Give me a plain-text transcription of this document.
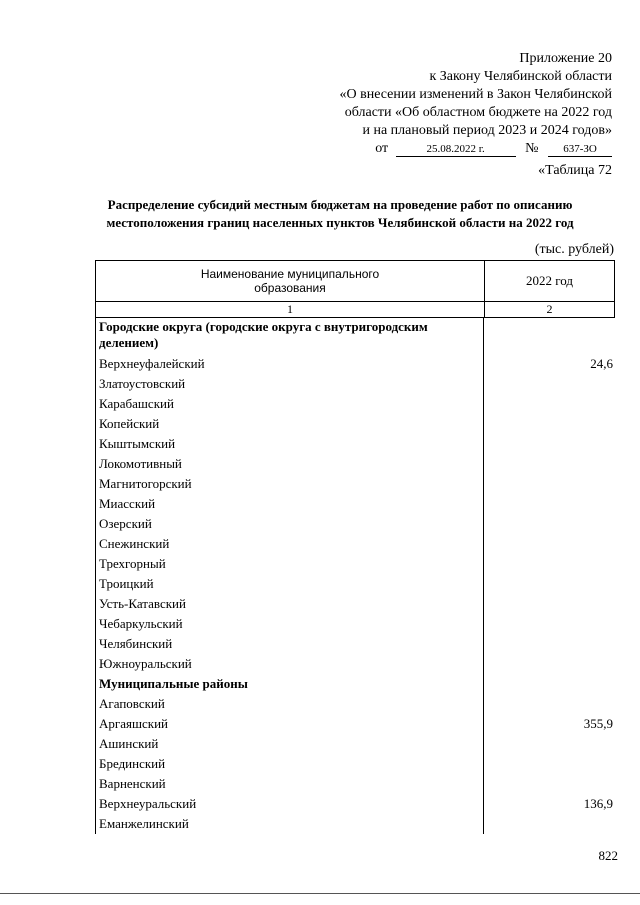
Приложение 20
к Закону Челябинской области
«О внесении изменений в Закон Челябинской
области «Об областном бюджете на 2022 год
и на плановый период 2023 и 2024 годов»
от	25.08.2022 г.	№ 637-ЗО
«Таблица 72
Распределение субсидий местным бюджетам на проведение работ по описанию
местоположения границ населенных пунктов Челябинской области на 2022 год
(тыс. рублей)
Наименование муниципального
образования	2022 год
1	2
Городские округа (городские округа с внутригородским
делением)
Верхнеуфалейский	24,6
Златоустовский
Карабашский
Копейский
Кыштымский
Локомотивный
Магнитогорский
Миасский
Озерский
Снежинский
Трехгорный
Троицкий
Усть-Катавский
Чебаркульский
Челябинский
Южноуральский
Муниципальные районы
Агаповский
Аргаяшский	355,9
Ашинский
Брединский
Варненский
Верхнеуральский	136,9
Еманжелинский
822
